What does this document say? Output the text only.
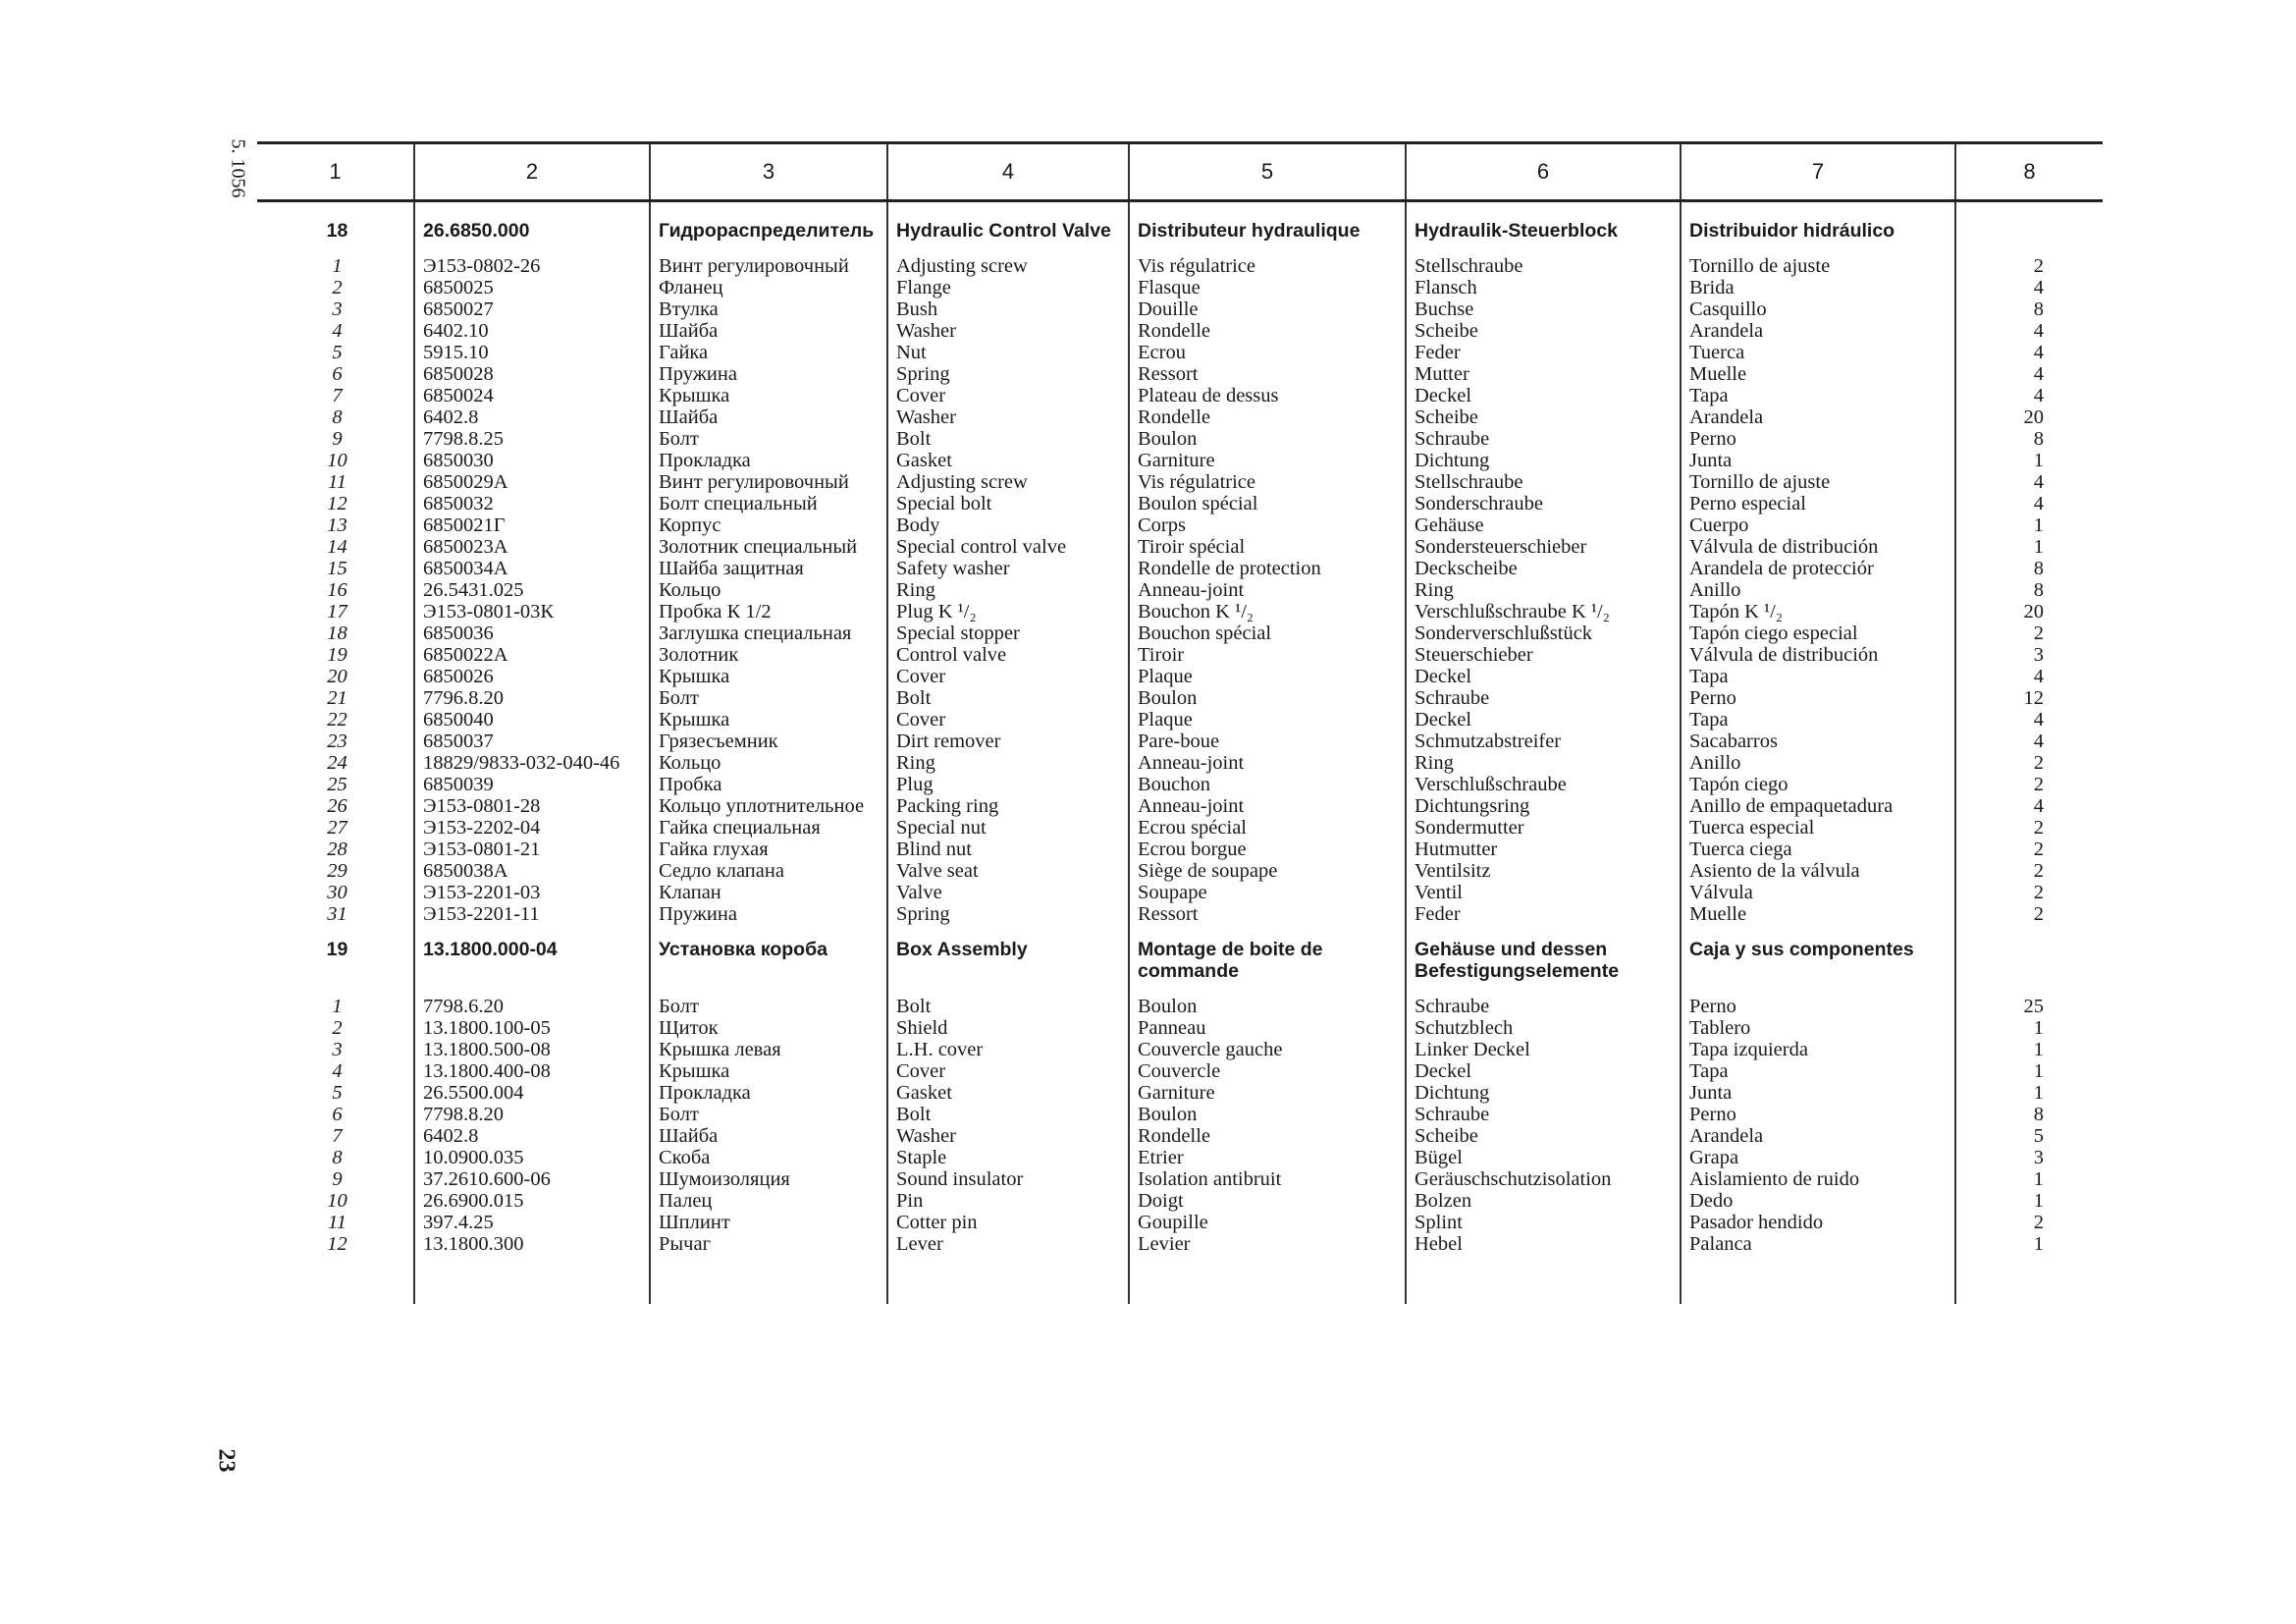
5. 1056
23
1	2	3	4	5	6	7	8
18	26.6850.000	Гидрораспределитель	Hydraulic Control Valve	Distributeur hydraulique	Hydraulik-Steuerblock	Distribuidor hidráulico	

1	Э153-0802-26	Винт регулировочный	Adjusting screw	Vis régulatrice	Stellschraube	Tornillo de ajuste	2
2	6850025	Фланец	Flange	Flasque	Flansch	Brida	4
3	6850027	Втулка	Bush	Douille	Buchse	Casquillo	8
4	6402.10	Шайба	Washer	Rondelle	Scheibe	Arandela	4
5	5915.10	Гайка	Nut	Ecrou	Feder	Tuerca	4
6	6850028	Пружина	Spring	Ressort	Mutter	Muelle	4
7	6850024	Крышка	Cover	Plateau de dessus	Deckel	Tapa	4
8	6402.8	Шайба	Washer	Rondelle	Scheibe	Arandela	20
9	7798.8.25	Болт	Bolt	Boulon	Schraube	Perno	8
10	6850030	Прокладка	Gasket	Garniture	Dichtung	Junta	1
11	6850029A	Винт регулировочный	Adjusting screw	Vis régulatrice	Stellschraube	Tornillo de ajuste	4
12	6850032	Болт специальный	Special bolt	Boulon spécial	Sonderschraube	Perno especial	4
13	6850021Г	Корпус	Body	Corps	Gehäuse	Cuerpo	1
14	6850023A	Золотник специальный	Special control valve	Tiroir spécial	Sondersteuerschieber	Válvula de distribución	1
15	6850034A	Шайба защитная	Safety washer	Rondelle de protection	Deckscheibe	Arandela de protecciór	8
16	26.5431.025	Кольцо	Ring	Anneau-joint	Ring	Anillo	8
17	Э153-0801-03К	Пробка К 1/2	Plug K ¹/₂	Bouchon K ¹/₂	Verschlußschraube K ¹/₂	Tapón K ¹/₂	20
18	6850036	Заглушка специальная	Special stopper	Bouchon spécial	Sonderverschlußstück	Tapón ciego especial	2
19	6850022A	Золотник	Control valve	Tiroir	Steuerschieber	Válvula de distribución	3
20	6850026	Крышка	Cover	Plaque	Deckel	Tapa	4
21	7796.8.20	Болт	Bolt	Boulon	Schraube	Perno	12
22	6850040	Крышка	Cover	Plaque	Deckel	Tapa	4
23	6850037	Грязесъемник	Dirt remover	Pare-boue	Schmutzabstreifer	Sacabarros	4
24	18829/9833-032-040-46	Кольцо	Ring	Anneau-joint	Ring	Anillo	2
25	6850039	Пробка	Plug	Bouchon	Verschlußschraube	Tapón ciego	2
26	Э153-0801-28	Кольцо уплотнительное	Packing ring	Anneau-joint	Dichtungsring	Anillo de empaquetadura	4
27	Э153-2202-04	Гайка специальная	Special nut	Ecrou spécial	Sondermutter	Tuerca especial	2
28	Э153-0801-21	Гайка глухая	Blind nut	Ecrou borgue	Hutmutter	Tuerca ciega	2
29	6850038A	Седло клапана	Valve seat	Siège de soupape	Ventilsitz	Asiento de la válvula	2
30	Э153-2201-03	Клапан	Valve	Soupape	Ventil	Válvula	2
31	Э153-2201-11	Пружина	Spring	Ressort	Feder	Muelle	2

19	13.1800.000-04	Установка короба	Box Assembly	Montage de boite de commande	Gehäuse und dessen Befestigungselemente	Caja y sus componentes	

1	7798.6.20	Болт	Bolt	Boulon	Schraube	Perno	25
2	13.1800.100-05	Щиток	Shield	Panneau	Schutzblech	Tablero	1
3	13.1800.500-08	Крышка левая	L.H. cover	Couvercle gauche	Linker Deckel	Tapa izquierda	1
4	13.1800.400-08	Крышка	Cover	Couvercle	Deckel	Tapa	1
5	26.5500.004	Прокладка	Gasket	Garniture	Dichtung	Junta	1
6	7798.8.20	Болт	Bolt	Boulon	Schraube	Perno	8
7	6402.8	Шайба	Washer	Rondelle	Scheibe	Arandela	5
8	10.0900.035	Скоба	Staple	Etrier	Bügel	Grapa	3
9	37.2610.600-06	Шумоизоляция	Sound insulator	Isolation antibruit	Geräuschschutzisolation	Aislamiento de ruido	1
10	26.6900.015	Палец	Pin	Doigt	Bolzen	Dedo	1
11	397.4.25	Шплинт	Cotter pin	Goupille	Splint	Pasador hendido	2
12	13.1800.300	Рычаг	Lever	Levier	Hebel	Palanca	1
